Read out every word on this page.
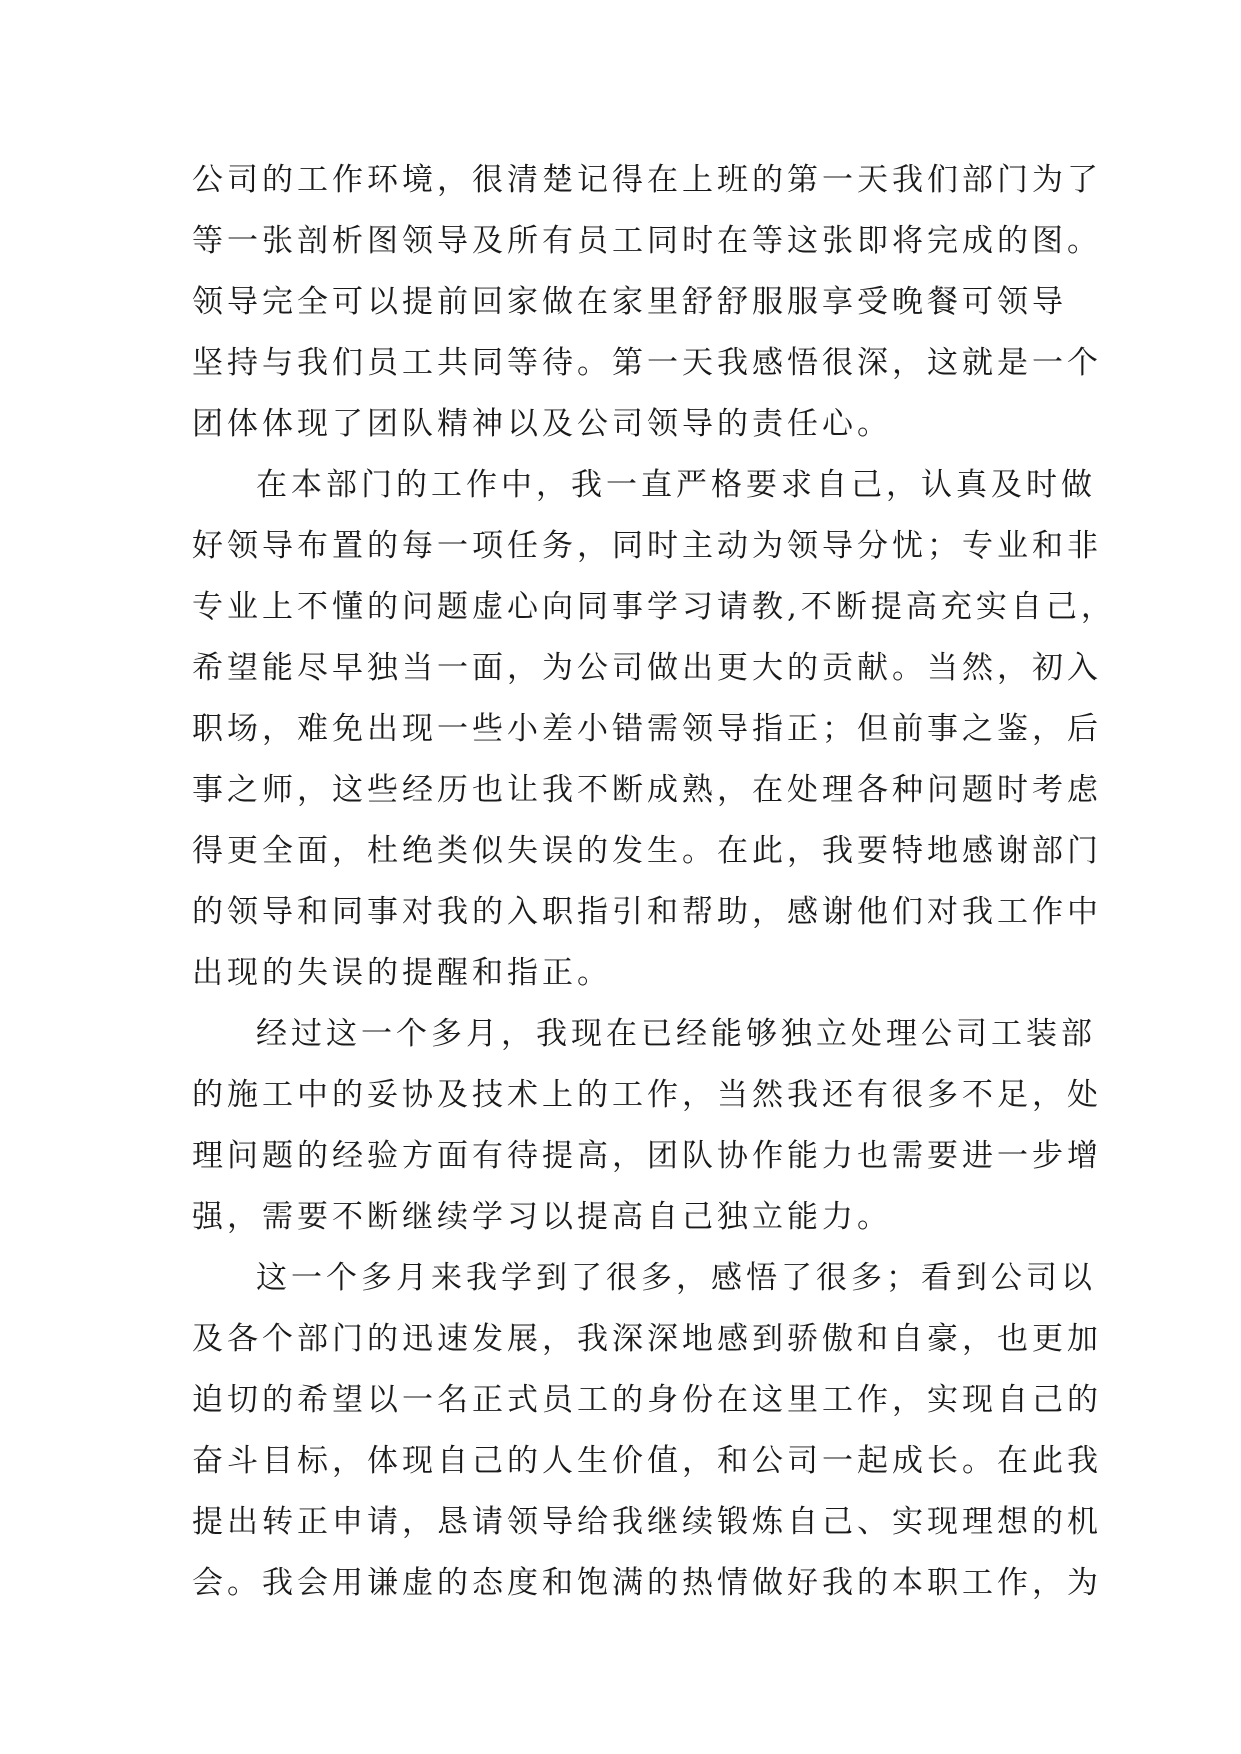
公司的工作环境，很清楚记得在上班的第一天我们部门为了
等一张剖析图领导及所有员工同时在等这张即将完成的图。
领导完全可以提前回家做在家里舒舒服服享受晚餐可领导
坚持与我们员工共同等待。第一天我感悟很深，这就是一个
团体体现了团队精神以及公司领导的责任心。
在本部门的工作中，我一直严格要求自己，认真及时做
好领导布置的每一项任务，同时主动为领导分忧；专业和非
专业上不懂的问题虚心向同事学习请教,不断提高充实自己，
希望能尽早独当一面，为公司做出更大的贡献。当然，初入
职场，难免出现一些小差小错需领导指正；但前事之鉴，后
事之师，这些经历也让我不断成熟，在处理各种问题时考虑
得更全面，杜绝类似失误的发生。在此，我要特地感谢部门
的领导和同事对我的入职指引和帮助，感谢他们对我工作中
出现的失误的提醒和指正。
经过这一个多月，我现在已经能够独立处理公司工装部
的施工中的妥协及技术上的工作，当然我还有很多不足，处
理问题的经验方面有待提高，团队协作能力也需要进一步增
强，需要不断继续学习以提高自己独立能力。
这一个多月来我学到了很多，感悟了很多；看到公司以
及各个部门的迅速发展，我深深地感到骄傲和自豪，也更加
迫切的希望以一名正式员工的身份在这里工作，实现自己的
奋斗目标，体现自己的人生价值，和公司一起成长。在此我
提出转正申请，恳请领导给我继续锻炼自己、实现理想的机
会。我会用谦虚的态度和饱满的热情做好我的本职工作，为
